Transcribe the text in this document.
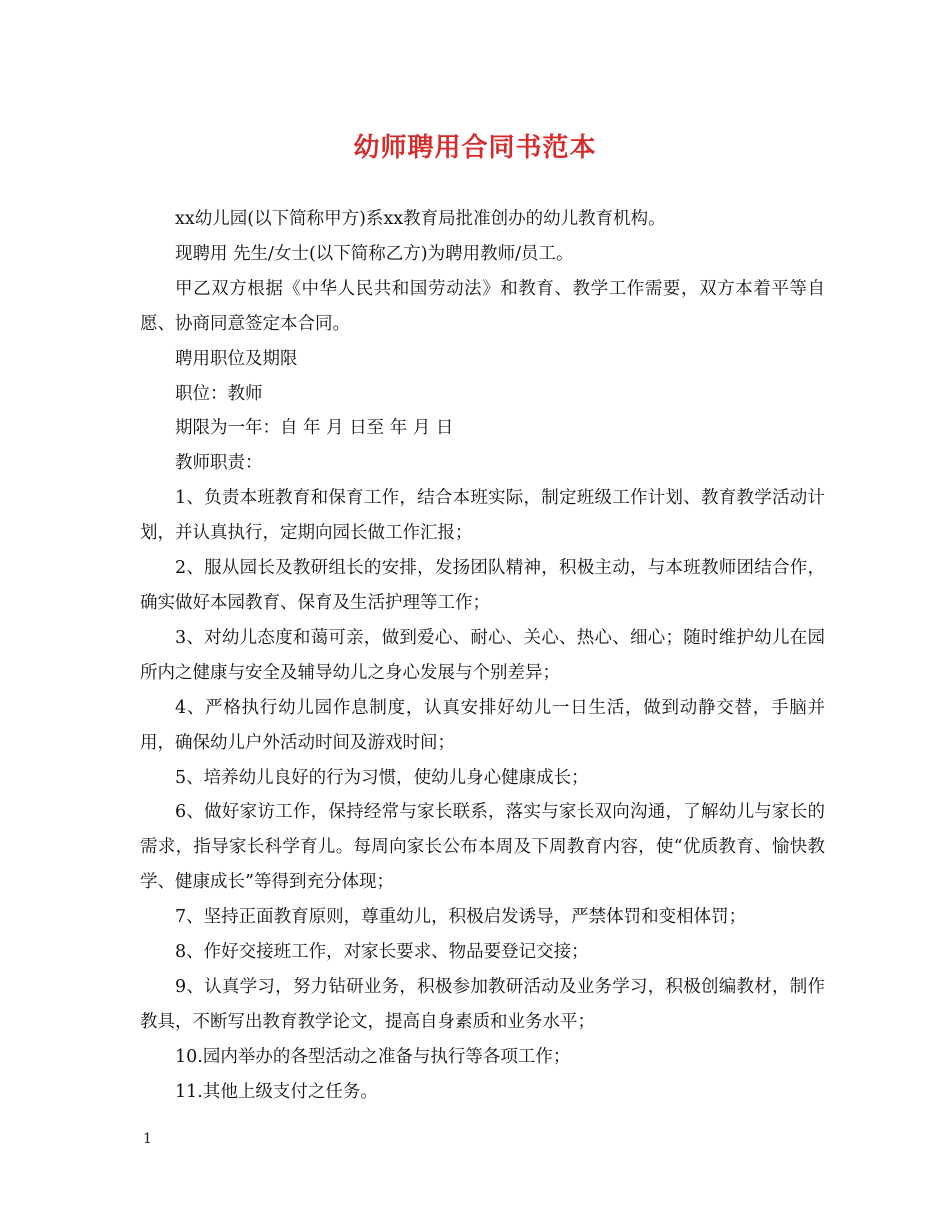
幼师聘用合同书范本

xx幼儿园(以下简称甲方)系xx教育局批准创办的幼儿教育机构。

现聘用 先生/女士(以下简称乙方)为聘用教师/员工。

甲乙双方根据《中华人民共和国劳动法》和教育、教学工作需要，双方本着平等自愿、协商同意签定本合同。

聘用职位及期限

职位：教师

期限为一年：自 年 月 日至 年 月 日

教师职责：

1、负责本班教育和保育工作，结合本班实际，制定班级工作计划、教育教学活动计划，并认真执行，定期向园长做工作汇报；

2、服从园长及教研组长的安排，发扬团队精神，积极主动，与本班教师团结合作，确实做好本园教育、保育及生活护理等工作；

3、对幼儿态度和蔼可亲，做到爱心、耐心、关心、热心、细心；随时维护幼儿在园所内之健康与安全及辅导幼儿之身心发展与个别差异；

4、严格执行幼儿园作息制度，认真安排好幼儿一日生活，做到动静交替，手脑并用，确保幼儿户外活动时间及游戏时间；

5、培养幼儿良好的行为习惯，使幼儿身心健康成长；

6、做好家访工作，保持经常与家长联系，落实与家长双向沟通，了解幼儿与家长的需求，指导家长科学育儿。每周向家长公布本周及下周教育内容，使“优质教育、愉快教学、健康成长”等得到充分体现；

7、坚持正面教育原则，尊重幼儿，积极启发诱导，严禁体罚和变相体罚；

8、作好交接班工作，对家长要求、物品要登记交接；

9、认真学习，努力钻研业务，积极参加教研活动及业务学习，积极创编教材，制作教具，不断写出教育教学论文，提高自身素质和业务水平；

10.园内举办的各型活动之准备与执行等各项工作；

11.其他上级支付之任务。

1
